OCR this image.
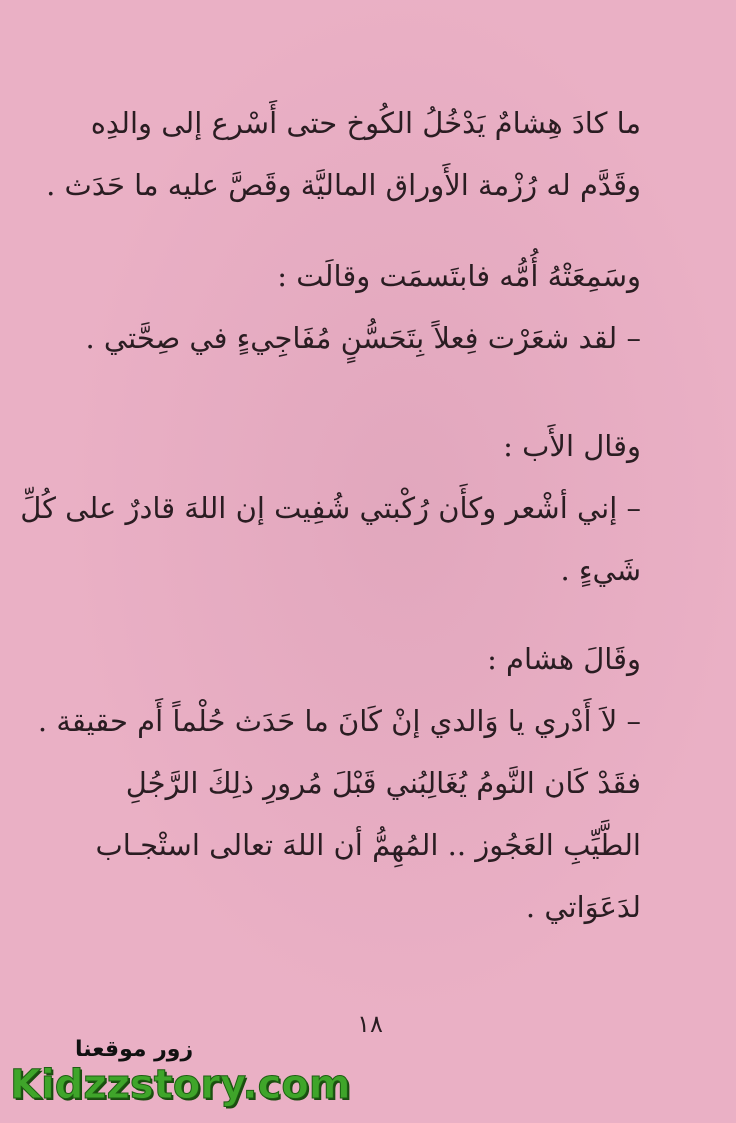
ما كادَ هِشامٌ يَدْخُلُ الكُوخ حتى أَسْرع إلى والدِه
وقَدَّم له رُزْمة الأَوراق الماليَّة وقَصَّ عليه ما حَدَث .
وسَمِعَتْهُ أُمُّه فابتَسمَت وقالَت :
– لقد شعَرْت فِعلاً بِتَحَسُّنٍ مُفَاجِيءٍ في صِحَّتي .
وقال الأَب :
– إني أشْعر وكأَن رُكْبتي شُفِيت إن اللهَ قادرٌ على كُلِّ
شَيءٍ .
وقَالَ هشام :
– لاَ أَدْري يا وَالدي إنْ كَانَ ما حَدَث حُلْماً أَم حقيقة .
فقَدْ كَان النَّومُ يُغَالِبُني قَبْلَ مُرورِ ذلِكَ الرَّجُلِ
الطَّيِّبِ العَجُوز .. المُهِمُّ أن اللهَ تعالى استْجـاب
لدَعَوَاتي .
١٨
زور موقعنا
Kidzzstory.com
